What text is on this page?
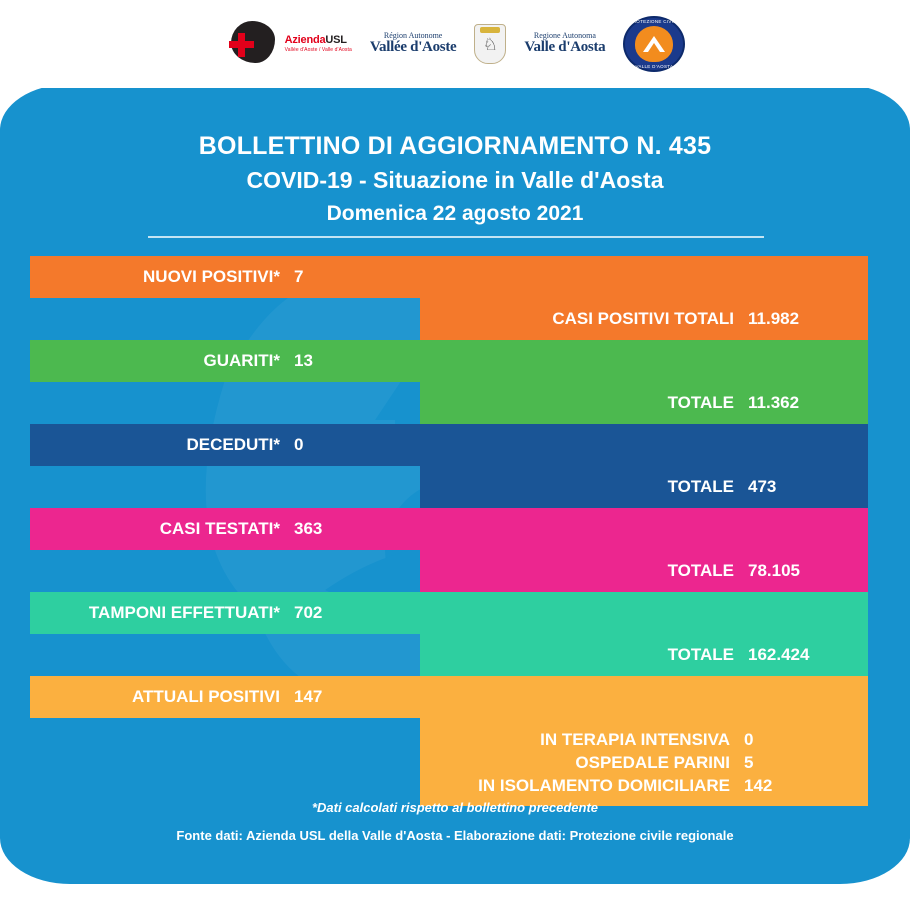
AziendaUSL
Vallée d'Aoste / Valle d'Aosta
Région Autonome
Vallée d'Aoste ♘	Regione Autonoma
Valle d'Aosta
PROTEZIONE CIVILE
VALLE D'AOSTA
BOLLETTINO DI AGGIORNAMENTO N. 435
COVID-19 - Situazione in Valle d'Aosta
Domenica 22 agosto 2021
NUOVI POSITIVI* 7
CASI POSITIVI TOTALI 11.982
GUARITI* 13
TOTALE 11.362
DECEDUTI* 0
TOTALE 473
CASI TESTATI* 363
TOTALE 78.105
TAMPONI EFFETTUATI* 702
TOTALE 162.424
ATTUALI POSITIVI 147
IN TERAPIA INTENSIVA 0
OSPEDALE PARINI 5
IN ISOLAMENTO DOMICILIARE 142
*Dati calcolati rispetto al bollettino precedente
Fonte dati: Azienda USL della Valle d'Aosta - Elaborazione dati: Protezione civile regionale
